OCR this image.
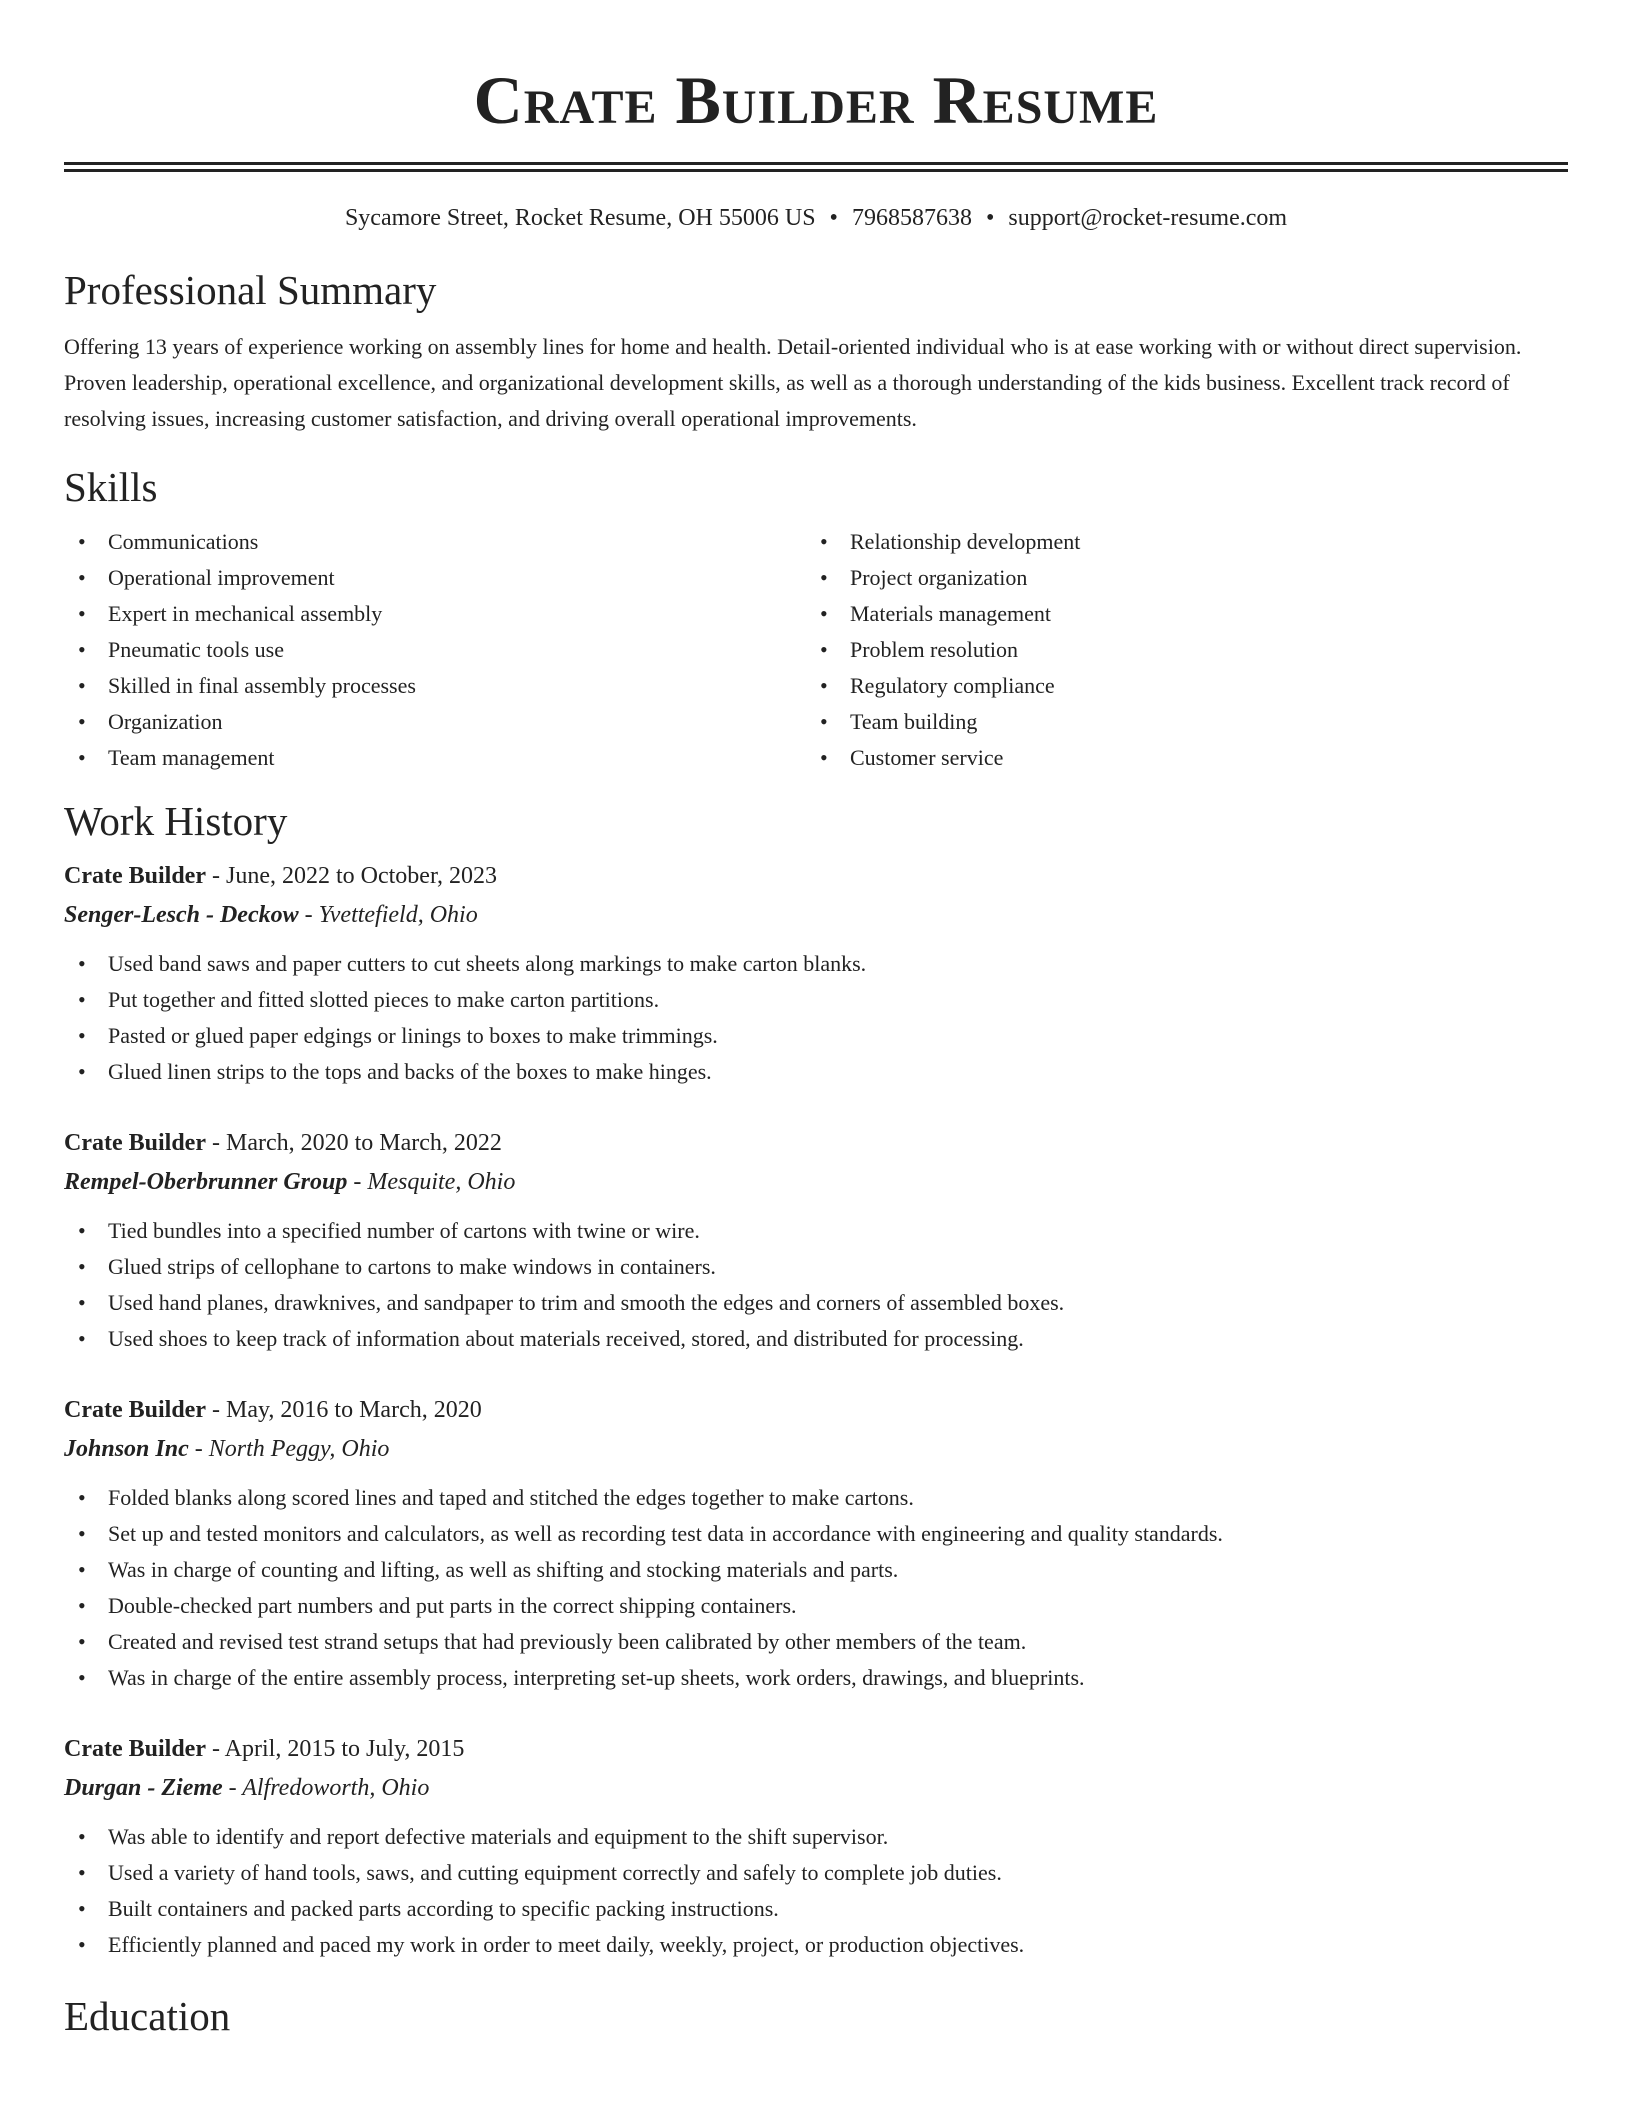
Crate Builder Resume
Sycamore Street, Rocket Resume, OH 55006 US • 7968587638 • support@rocket-resume.com
Professional Summary

Offering 13 years of experience working on assembly lines for home and health. Detail-oriented individual who is at ease working with or without direct supervision. Proven leadership, operational excellence, and organizational development skills, as well as a thorough understanding of the kids business. Excellent track record of resolving issues, increasing customer satisfaction, and driving overall operational improvements.

Skills
• Communications
• Operational improvement
• Expert in mechanical assembly
• Pneumatic tools use
• Skilled in final assembly processes
• Organization
• Team management
• Relationship development
• Project organization
• Materials management
• Problem resolution
• Regulatory compliance
• Team building
• Customer service
Work History
Crate Builder - June, 2022 to October, 2023
Senger-Lesch - Deckow - Yvettefield, Ohio
• Used band saws and paper cutters to cut sheets along markings to make carton blanks.
• Put together and fitted slotted pieces to make carton partitions.
• Pasted or glued paper edgings or linings to boxes to make trimmings.
• Glued linen strips to the tops and backs of the boxes to make hinges.
Crate Builder - March, 2020 to March, 2022
Rempel-Oberbrunner Group - Mesquite, Ohio
• Tied bundles into a specified number of cartons with twine or wire.
• Glued strips of cellophane to cartons to make windows in containers.
• Used hand planes, drawknives, and sandpaper to trim and smooth the edges and corners of assembled boxes.
• Used shoes to keep track of information about materials received, stored, and distributed for processing.
Crate Builder - May, 2016 to March, 2020
Johnson Inc - North Peggy, Ohio
• Folded blanks along scored lines and taped and stitched the edges together to make cartons.
• Set up and tested monitors and calculators, as well as recording test data in accordance with engineering and quality standards.
• Was in charge of counting and lifting, as well as shifting and stocking materials and parts.
• Double-checked part numbers and put parts in the correct shipping containers.
• Created and revised test strand setups that had previously been calibrated by other members of the team.
• Was in charge of the entire assembly process, interpreting set-up sheets, work orders, drawings, and blueprints.
Crate Builder - April, 2015 to July, 2015
Durgan - Zieme - Alfredoworth, Ohio
• Was able to identify and report defective materials and equipment to the shift supervisor.
• Used a variety of hand tools, saws, and cutting equipment correctly and safely to complete job duties.
• Built containers and packed parts according to specific packing instructions.
• Efficiently planned and paced my work in order to meet daily, weekly, project, or production objectives.
Education
